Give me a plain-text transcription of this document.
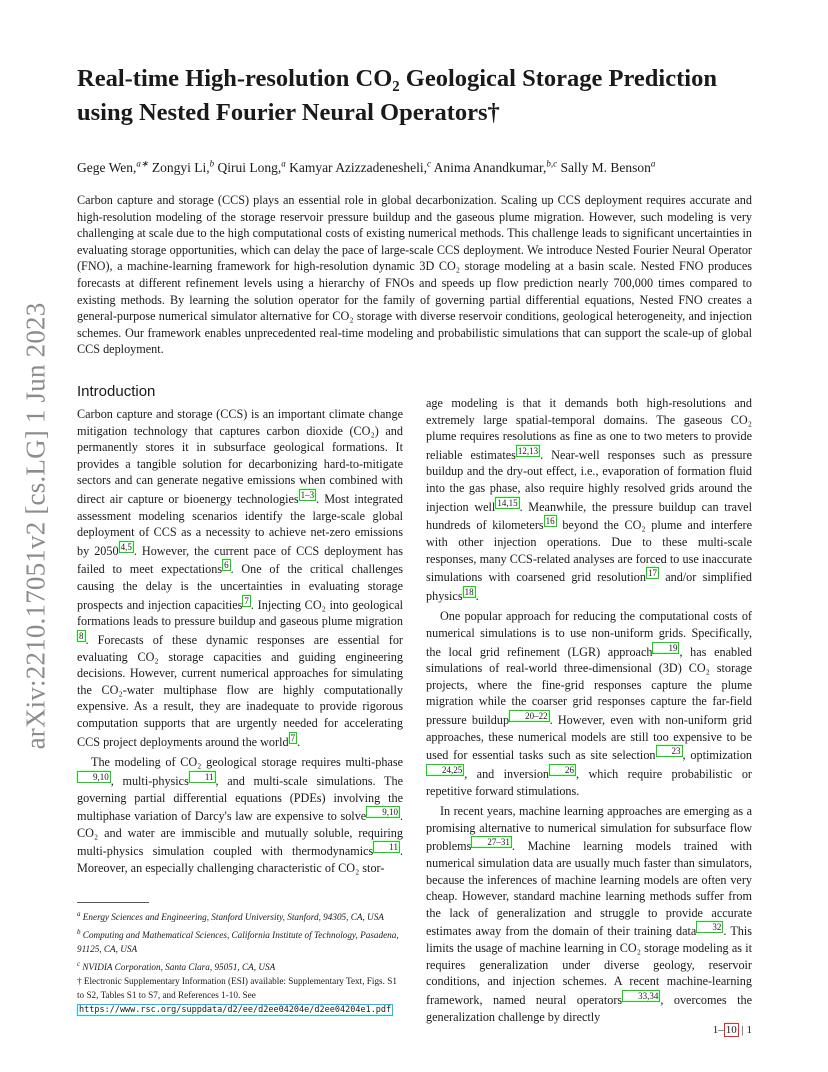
arXiv:2210.17051v2 [cs.LG] 1 Jun 2023
Real-time High-resolution CO₂ Geological Storage Prediction using Nested Fourier Neural Operators†
Gege Wen,$^{a∗}$ Zongyi Li,$^b$ Qirui Long,$^a$ Kamyar Azizzadenesheli,$^c$ Anima Anandkumar,$^{b,c}$ Sally M. Benson$^a$

Carbon capture and storage (CCS) plays an essential role in global decarbonization. Scaling up CCS deployment requires accurate and high-resolution modeling of the storage reservoir pressure buildup and the gaseous plume migration. However, such modeling is very challenging at scale due to the high computational costs of existing numerical methods. This challenge leads to significant uncertainties in evaluating storage opportunities, which can delay the pace of large-scale CCS deployment. We introduce Nested Fourier Neural Operator (FNO), a machine-learning framework for high-resolution dynamic 3D CO₂ storage modeling at a basin scale. Nested FNO produces forecasts at different refinement levels using a hierarchy of FNOs and speeds up flow prediction nearly 700,000 times compared to existing methods. By learning the solution operator for the family of governing partial differential equations, Nested FNO creates a general-purpose numerical simulator alternative for CO₂ storage with diverse reservoir conditions, geological heterogeneity, and injection schemes. Our framework enables unprecedented real-time modeling and probabilistic simulations that can support the scale-up of global CCS deployment.

Introduction

Carbon capture and storage (CCS) is an important climate change mitigation technology that captures carbon dioxide (CO₂) and permanently stores it in subsurface geological formations. It provides a tangible solution for decarbonizing hard-to-mitigate sectors and can generate negative emissions when combined with direct air capture or bioenergy technologies 1–3 . Most integrated assessment modeling scenarios identify the large-scale global deployment of CCS as a necessity to achieve net-zero emissions by 2050 4,5 . However, the current pace of CCS deployment has failed to meet expectations 6 . One of the critical challenges causing the delay is the uncertainties in evaluating storage prospects and injection capacities 7 . Injecting CO₂ into geological formations leads to pressure buildup and gaseous plume migration8 . Forecasts of these dynamic responses are essential for evaluating CO₂ storage capacities and guiding engineering decisions. However, current numerical approaches for simulating the CO₂-water multiphase flow are highly computationally expensive. As a result, they are inadequate to provide rigorous computation supports that are urgently needed for accelerating CCS project deployments around the world 7 .

The modeling of CO₂ geological storage requires multi-phase9,10 , multi-physics 11 , and multi-scale simulations. The governing partial differential equations (PDEs) involving the multiphase variation of Darcy's law are expensive to solve 9,10 . CO₂ and water are immiscible and mutually soluble, requiring multi-physics simulation coupled with thermodynamics 11 . Moreover, an especially challenging characteristic of CO₂ stor-

age modeling is that it demands both high-resolutions and extremely large spatial-temporal domains. The gaseous CO₂ plume requires resolutions as fine as one to two meters to provide reliable estimates 12,13 . Near-well responses such as pressure buildup and the dry-out effect, i.e., evaporation of formation fluid into the gas phase, also require highly resolved grids around the injection well 14,15 . Meanwhile, the pressure buildup can travel hundreds of kilometers 16 beyond the CO₂ plume and interfere with other injection operations. Due to these multi-scale responses, many CCS-related analyses are forced to use inaccurate simulations with coarsened grid resolution 17 and/or simplified physics 18 .

One popular approach for reducing the computational costs of numerical simulations is to use non-uniform grids. Specifically, the local grid refinement (LGR) approach 19 , has enabled simulations of real-world three-dimensional (3D) CO₂ storage projects, where the fine-grid responses capture the plume migration while the coarser grid responses capture the far-field pressure buildup 20–22 . However, even with non-uniform grid approaches, these numerical models are still too expensive to be used for essential tasks such as site selection 23 , optimization24,25 , and inversion 26 , which require probabilistic or repetitive forward stimulations.

In recent years, machine learning approaches are emerging as a promising alternative to numerical simulation for subsurface flow problems 27–31 . Machine learning models trained with numerical simulation data are usually much faster than simulators, because the inferences of machine learning models are often very cheap. However, standard machine learning methods suffer from the lack of generalization and struggle to provide accurate estimates away from the domain of their training data 32 . This limits the usage of machine learning in CO₂ storage modeling as it requires generalization under diverse geology, reservoir conditions, and injection schemes. A recent machine-learning framework, named neural operators 33,34 , overcomes the generalization challenge by directly

$^a$ Energy Sciences and Engineering, Stanford University, Stanford, 94305, CA, USA
$^b$ Computing and Mathematical Sciences, California Institute of Technology, Pasadena, 91125, CA, USA
$^c$ NVIDIA Corporation, Santa Clara, 95051, CA, USA
† Electronic Supplementary Information (ESI) available: Supplementary Text, Figs. S1 to S2, Tables S1 to S7, and References 1-10. See https://www.rsc.org/suppdata/d2/ee/d2ee04204e/d2ee04204e1.pdf
1– 10 | 1
